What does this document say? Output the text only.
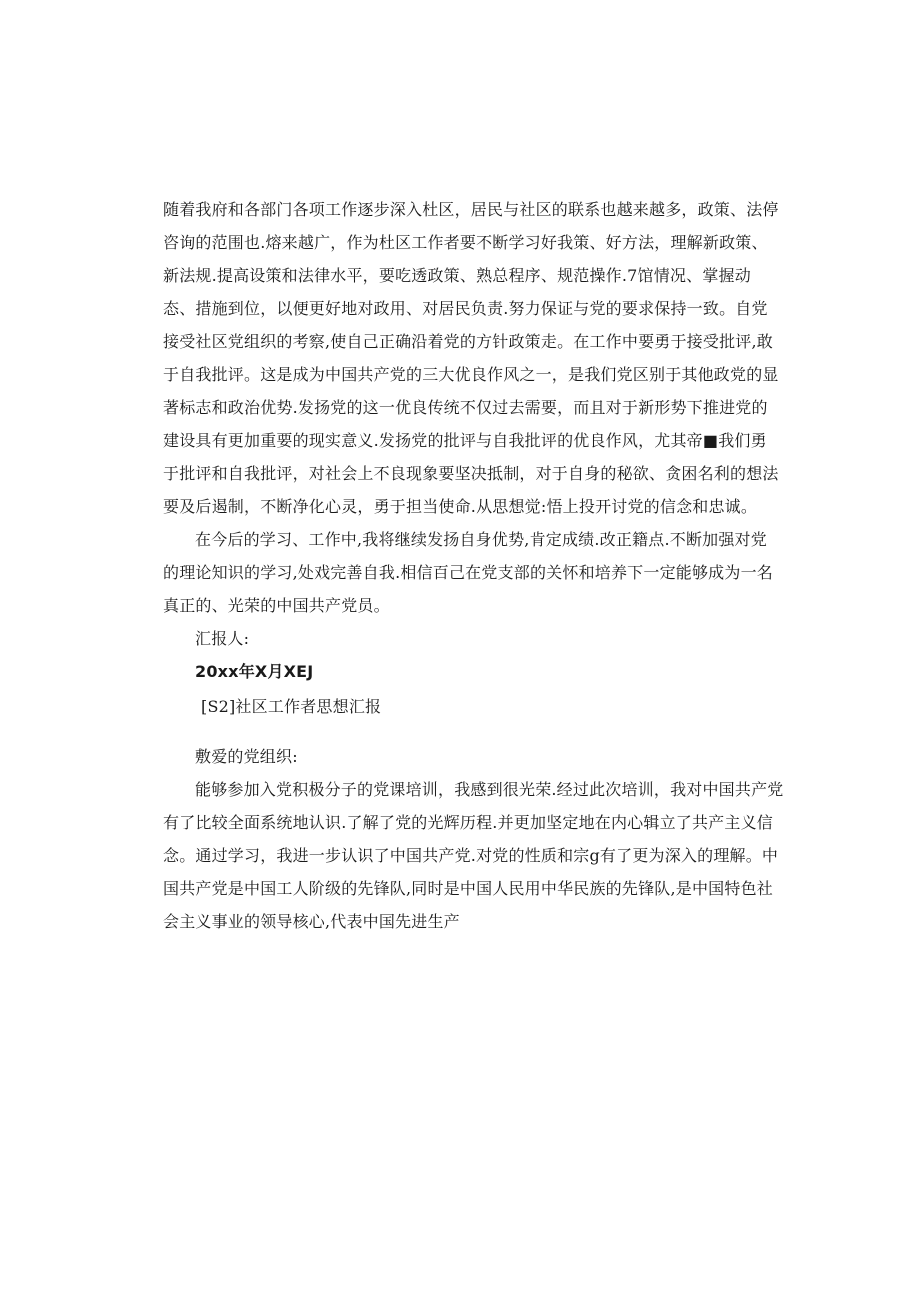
随着我府和各部门各项工作逐步深入杜区，居民与社区的联系也越来越多，政策、法停
咨询的范围也.熔来越广，作为杜区工作者要不断学习好我策、好方法，理解新政策、
新法规.提高设策和法律水平，要吃透政策、熟总程序、规范操作.7馆情况、掌握动
态、措施到位，以便更好地对政用、对居民负责.努力保证与党的要求保持一致。自党
接受社区党组织的考察,使自己正确沿着党的方针政策走。在工作中要勇于接受批评,敢
于自我批评。这是成为中国共产党的三大优良作风之一，是我们党区别于其他政党的显
著标志和政治优势.发扬党的这一优良传统不仅过去需要，而且对于新形势下推进党的
建设具有更加重要的现实意义.发扬党的批评与自我批评的优良作风，尤其帝■我们勇
于批评和自我批评，对社会上不良现象要坚决抵制，对于自身的秘欲、贪困名利的想法
要及后遏制，不断净化心灵，勇于担当使命.从思想觉:悟上投开讨党的信念和忠诚。
在今后的学习、工作中,我将继续发扬自身优势,肯定成绩.改正籍点.不断加强对党
的理论知识的学习,处戏完善自我.相信百己在党支部的关怀和培养下一定能够成为一名
真正的、光荣的中国共产党员。
汇报人:
20xx年X月XEJ
[S2]社区工作者思想汇报
敷爱的党组织:
能够参加入党积极分子的党课培训，我感到很光荣.经过此次培训，我对中国共产党
有了比较全面系统地认识.了解了党的光辉历程.并更加坚定地在内心辑立了共产主义信
念。通过学习，我进一步认识了中国共产党.对党的性质和宗g有了更为深入的理解。中
国共产党是中国工人阶级的先锋队,同时是中国人民用中华民族的先锋队,是中国特色社
会主义事业的领导核心,代表中国先进生产
